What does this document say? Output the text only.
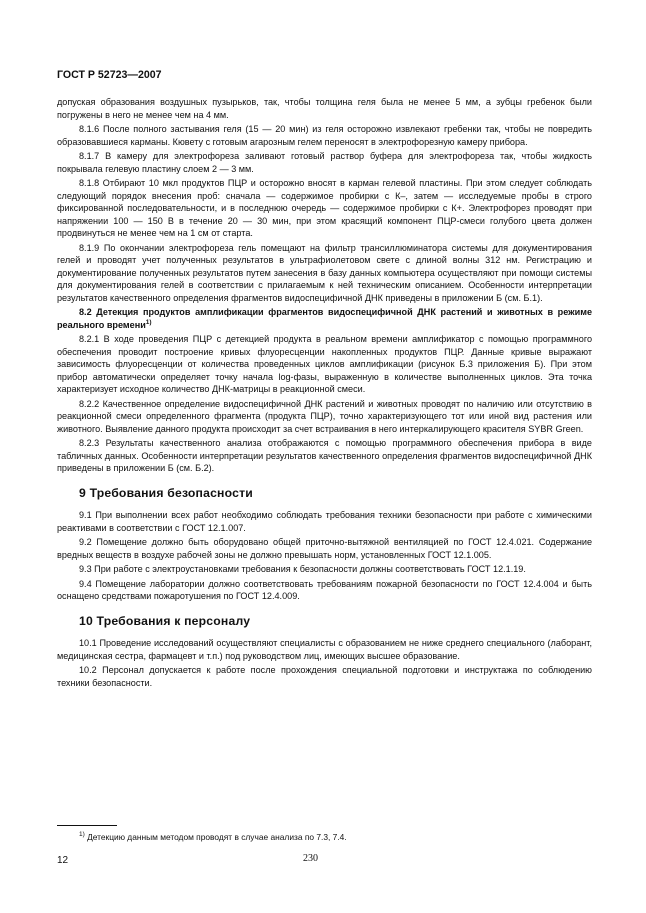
ГОСТ Р 52723—2007

допуская образования воздушных пузырьков, так, чтобы толщина геля была не менее 5 мм, а зубцы гребенок были погружены в него не менее чем на 4 мм.

8.1.6 После полного застывания геля (15 — 20 мин) из геля осторожно извлекают гребенки так, чтобы не повредить образовавшиеся карманы. Кювету с готовым агарозным гелем переносят в электрофорезную камеру прибора.

8.1.7 В камеру для электрофореза заливают готовый раствор буфера для электрофореза так, чтобы жидкость покрывала гелевую пластину слоем 2 — 3 мм.

8.1.8 Отбирают 10 мкл продуктов ПЦР и осторожно вносят в карман гелевой пластины. При этом следует соблюдать следующий порядок внесения проб: сначала — содержимое пробирки с К–, затем — исследуемые пробы в строго фиксированной последовательности, и в последнюю очередь — содержимое пробирки с К+. Электрофорез проводят при напряжении 100 — 150 В в течение 20 — 30 мин, при этом красящий компонент ПЦР-смеси голубого цвета должен продвинуться не менее чем на 1 см от старта.

8.1.9 По окончании электрофореза гель помещают на фильтр трансиллюминатора системы для документирования гелей и проводят учет полученных результатов в ультрафиолетовом свете с длиной волны 312 нм. Регистрацию и документирование полученных результатов путем занесения в базу данных компьютера осуществляют при помощи системы для документирования гелей в соответствии с прилагаемым к ней техническим описанием. Особенности интерпретации результатов качественного определения фрагментов видоспецифичной ДНК приведены в приложении Б (см. Б.1).

8.2 Детекция продуктов амплификации фрагментов видоспецифичной ДНК растений и животных в режиме реального времени$^{1)}$

8.2.1 В ходе проведения ПЦР с детекцией продукта в реальном времени амплификатор с помощью программного обеспечения проводит построение кривых флуоресценции накопленных продуктов ПЦР. Данные кривые выражают зависимость флуоресценции от количества проведенных циклов амплификации (рисунок Б.3 приложения Б). При этом прибор автоматически определяет точку начала log-фазы, выраженную в количестве выполненных циклов. Эта точка характеризует исходное количество ДНК-матрицы в реакционной смеси.

8.2.2 Качественное определение видоспецифичной ДНК растений и животных проводят по наличию или отсутствию в реакционной смеси определенного фрагмента (продукта ПЦР), точно характеризующего тот или иной вид растения или животного. Выявление данного продукта происходит за счет встраивания в него интеркалирующего красителя SYBR Green.

8.2.3 Результаты качественного анализа отображаются с помощью программного обеспечения прибора в виде табличных данных. Особенности интерпретации результатов качественного определения фрагментов видоспецифичной ДНК приведены в приложении Б (см. Б.2).

9 Требования безопасности

9.1 При выполнении всех работ необходимо соблюдать требования техники безопасности при работе с химическими реактивами в соответствии с ГОСТ 12.1.007.

9.2 Помещение должно быть оборудовано общей приточно-вытяжной вентиляцией по ГОСТ 12.4.021. Содержание вредных веществ в воздухе рабочей зоны не должно превышать норм, установленных ГОСТ 12.1.005.

9.3 При работе с электроустановками требования к безопасности должны соответствовать ГОСТ 12.1.19.

9.4 Помещение лаборатории должно соответствовать требованиям пожарной безопасности по ГОСТ 12.4.004 и быть оснащено средствами пожаротушения по ГОСТ 12.4.009.

10 Требования к персоналу

10.1 Проведение исследований осуществляют специалисты с образованием не ниже среднего специального (лаборант, медицинская сестра, фармацевт и т.п.) под руководством лиц, имеющих высшее образование.

10.2 Персонал допускается к работе после прохождения специальной подготовки и инструктажа по соблюдению техники безопасности.

$^{1)}$ Детекцию данным методом проводят в случае анализа по 7.3, 7.4.
12	230
